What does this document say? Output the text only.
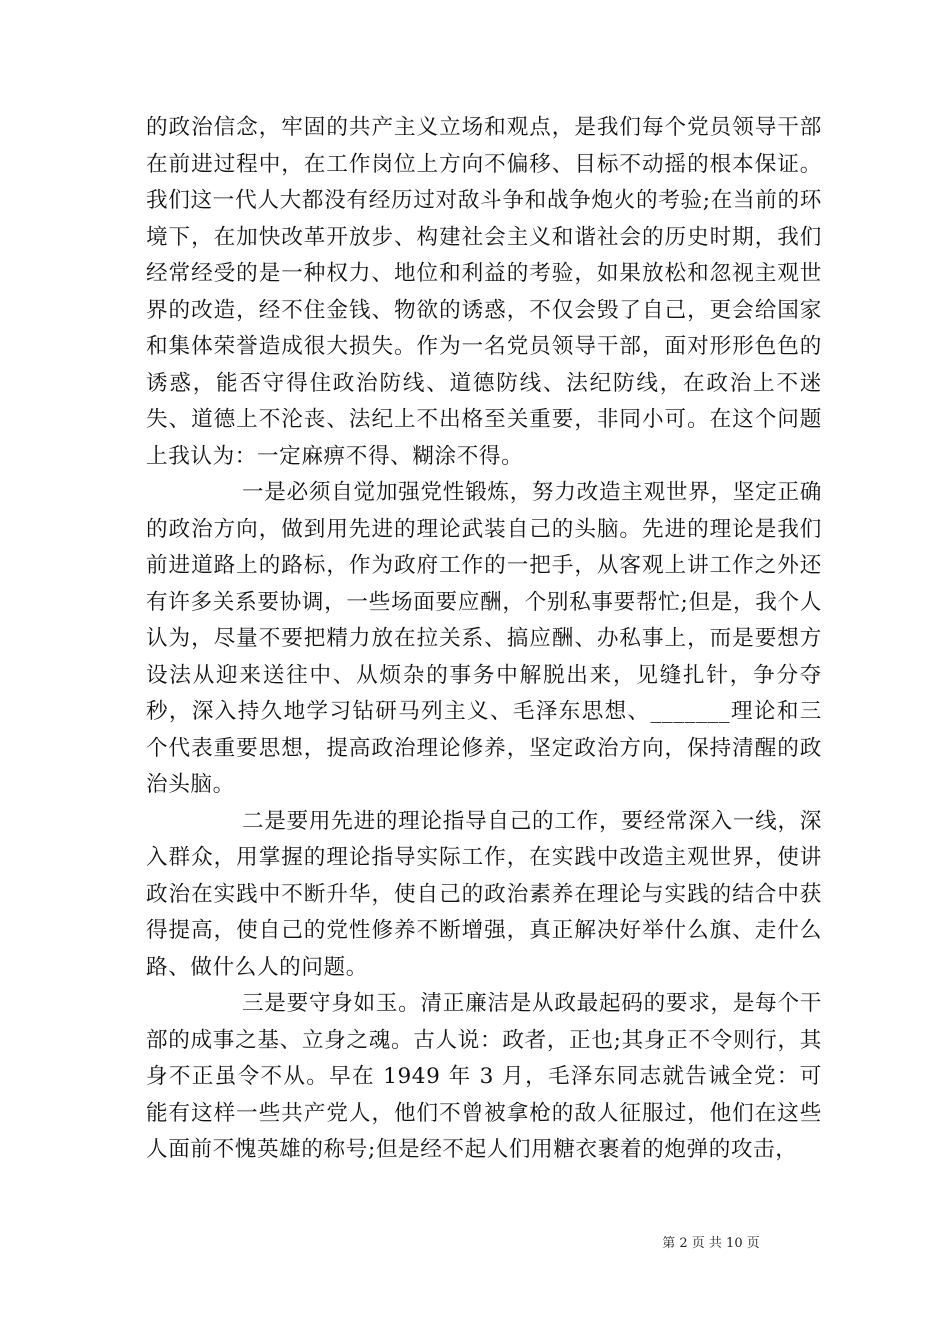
的政治信念，牢固的共产主义立场和观点，是我们每个党员领导干部在前进过程中，在工作岗位上方向不偏移、目标不动摇的根本保证。我们这一代人大都没有经历过对敌斗争和战争炮火的考验;在当前的环境下，在加快改革开放步、构建社会主义和谐社会的历史时期，我们经常经受的是一种权力、地位和利益的考验，如果放松和忽视主观世界的改造，经不住金钱、物欲的诱惑，不仅会毁了自己，更会给国家和集体荣誉造成很大损失。作为一名党员领导干部，面对形形色色的诱惑，能否守得住政治防线、道德防线、法纪防线，在政治上不迷失、道德上不沦丧、法纪上不出格至关重要，非同小可。在这个问题上我认为：一定麻痹不得、糊涂不得。

一是必须自觉加强党性锻炼，努力改造主观世界，坚定正确的政治方向，做到用先进的理论武装自己的头脑。先进的理论是我们前进道路上的路标，作为政府工作的一把手，从客观上讲工作之外还有许多关系要协调，一些场面要应酬，个别私事要帮忙;但是，我个人认为，尽量不要把精力放在拉关系、搞应酬、办私事上，而是要想方设法从迎来送往中、从烦杂的事务中解脱出来，见缝扎针，争分夺秒，深入持久地学习钻研马列主义、毛泽东思想、_______理论和三个代表重要思想，提高政治理论修养，坚定政治方向，保持清醒的政治头脑。

二是要用先进的理论指导自己的工作，要经常深入一线，深入群众，用掌握的理论指导实际工作，在实践中改造主观世界，使讲政治在实践中不断升华，使自己的政治素养在理论与实践的结合中获得提高，使自己的党性修养不断增强，真正解决好举什么旗、走什么路、做什么人的问题。

三是要守身如玉。清正廉洁是从政最起码的要求，是每个干部的成事之基、立身之魂。古人说：政者，正也;其身正不令则行，其身不正虽令不从。早在 1949 年 3 月，毛泽东同志就告诫全党：可能有这样一些共产党人，他们不曾被拿枪的敌人征服过，他们在这些人面前不愧英雄的称号;但是经不起人们用糖衣裹着的炮弹的攻击，

第 2 页 共 10 页
